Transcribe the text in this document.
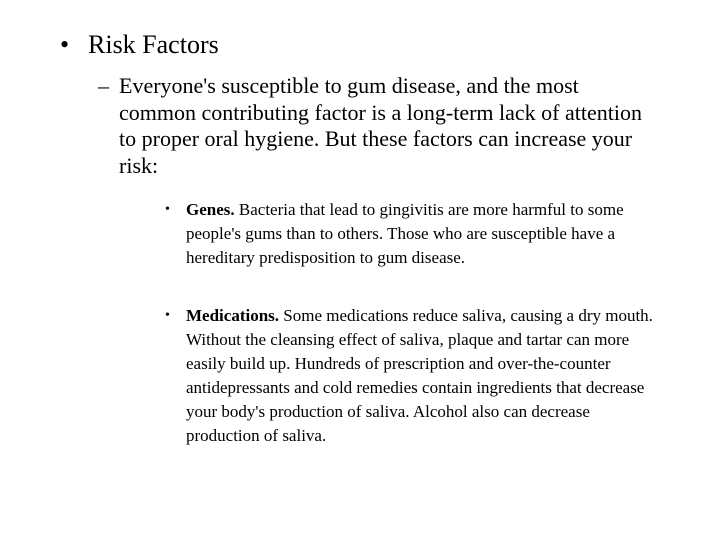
• Risk Factors
– Everyone's susceptible to gum disease, and the most common contributing factor is a long-term lack of attention to proper oral hygiene. But these factors can increase your risk:
• Genes. Bacteria that lead to gingivitis are more harmful to some people's gums than to others. Those who are susceptible have a hereditary predisposition to gum disease.
• Medications. Some medications reduce saliva, causing a dry mouth. Without the cleansing effect of saliva, plaque and tartar can more easily build up. Hundreds of prescription and over-the-counter antidepressants and cold remedies contain ingredients that decrease your body's production of saliva. Alcohol also can decrease production of saliva.
